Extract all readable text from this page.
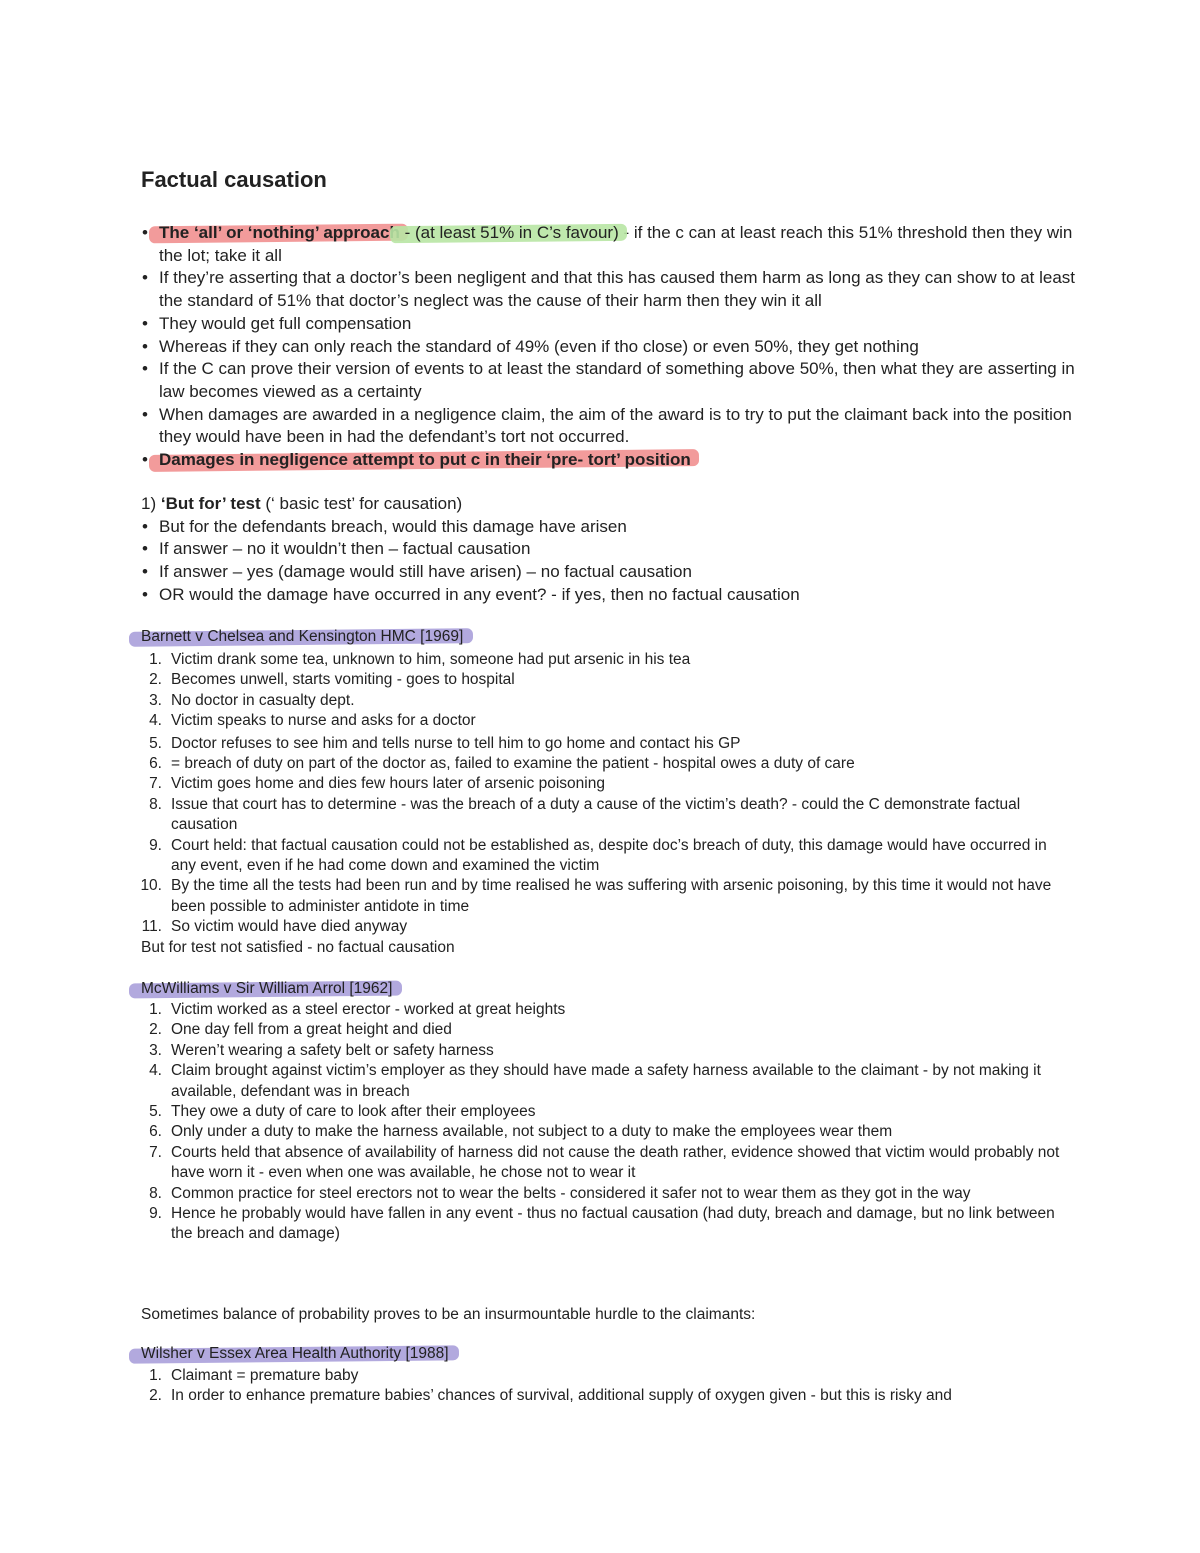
Factual causation
• The ‘all’ or ‘nothing’ approach - (at least 51% in C’s favour) - if the c can at least reach this 51% threshold then they win the lot; take it all
• If they’re asserting that a doctor’s been negligent and that this has caused them harm as long as they can show to at least the standard of 51% that doctor’s neglect was the cause of their harm then they win it all
• They would get full compensation
• Whereas if they can only reach the standard of 49% (even if tho close) or even 50%, they get nothing
• If the C can prove their version of events to at least the standard of something above 50%, then what they are asserting in law becomes viewed as a certainty
• When damages are awarded in a negligence claim, the aim of the award is to try to put the claimant back into the position they would have been in had the defendant’s tort not occurred.
• Damages in negligence attempt to put c in their ‘pre- tort’ position
1) ‘But for’ test (‘ basic test’ for causation)
• But for the defendants breach, would this damage have arisen
• If answer – no it wouldn’t then – factual causation
• If answer – yes (damage would still have arisen) – no factual causation
• OR would the damage have occurred in any event? - if yes, then no factual causation

Barnett v Chelsea and Kensington HMC [1969]

1. Victim drank some tea, unknown to him, someone had put arsenic in his tea
2. Becomes unwell, starts vomiting - goes to hospital
3. No doctor in casualty dept.
4. Victim speaks to nurse and asks for a doctor
5. Doctor refuses to see him and tells nurse to tell him to go home and contact his GP
6. = breach of duty on part of the doctor as, failed to examine the patient - hospital owes a duty of care
7. Victim goes home and dies few hours later of arsenic poisoning
8. Issue that court has to determine - was the breach of a duty a cause of the victim’s death? - could the C demonstrate factual causation
9. Court held: that factual causation could not be established as, despite doc’s breach of duty, this damage would have occurred in any event, even if he had come down and examined the victim
10. By the time all the tests had been run and by time realised he was suffering with arsenic poisoning, by this time it would not have been possible to administer antidote in time
11. So victim would have died anyway
But for test not satisfied - no factual causation

McWilliams v Sir William Arrol [1962]

1. Victim worked as a steel erector - worked at great heights
2. One day fell from a great height and died
3. Weren’t wearing a safety belt or safety harness
4. Claim brought against victim’s employer as they should have made a safety harness available to the claimant - by not making it available, defendant was in breach
5. They owe a duty of care to look after their employees
6. Only under a duty to make the harness available, not subject to a duty to make the employees wear them
7. Courts held that absence of availability of harness did not cause the death rather, evidence showed that victim would probably not have worn it - even when one was available, he chose not to wear it
8. Common practice for steel erectors not to wear the belts - considered it safer not to wear them as they got in the way
9. Hence he probably would have fallen in any event - thus no factual causation (had duty, breach and damage, but no link between the breach and damage)

Sometimes balance of probability proves to be an insurmountable hurdle to the claimants:

Wilsher v Essex Area Health Authority [1988]

1. Claimant = premature baby
2. In order to enhance premature babies’ chances of survival, additional supply of oxygen given - but this is risky and
